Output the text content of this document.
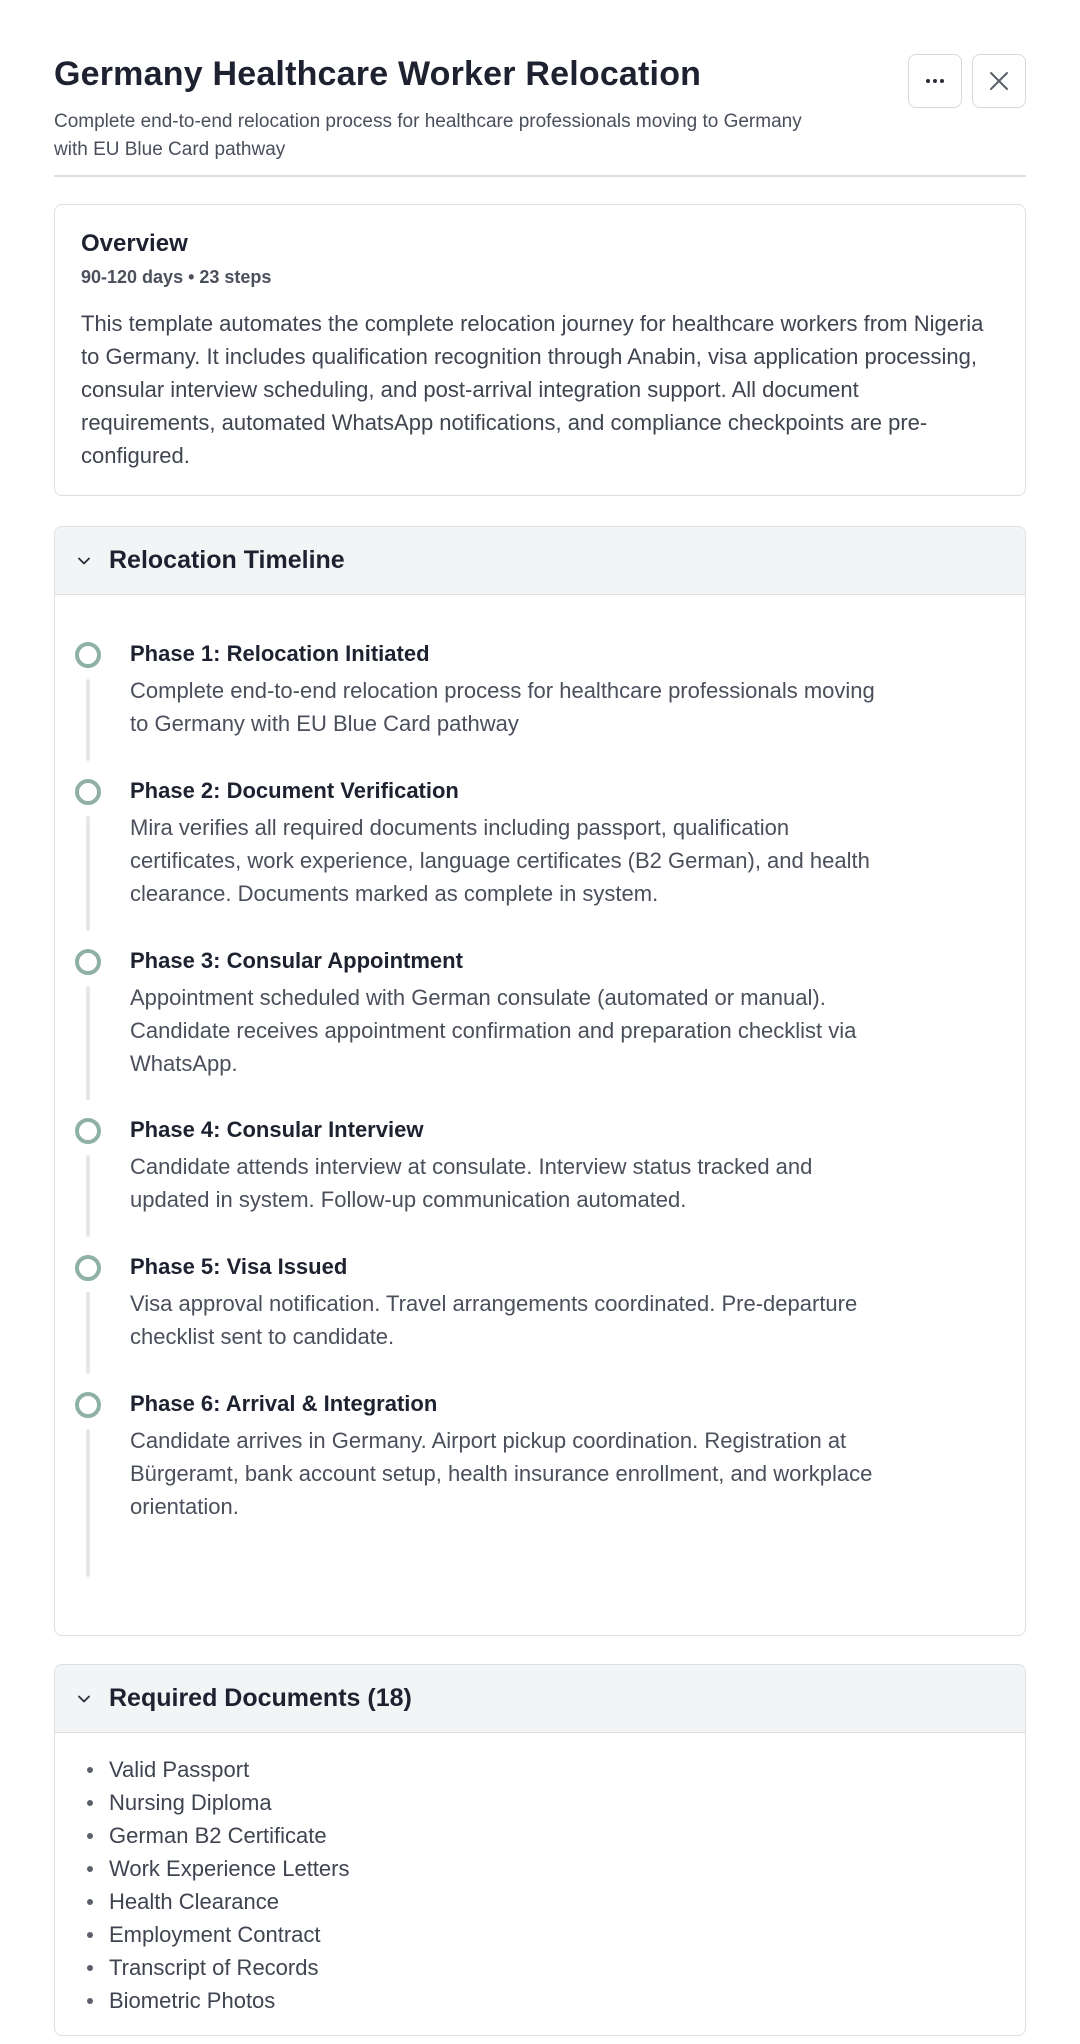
Germany Healthcare Worker Relocation

Complete end-to-end relocation process for healthcare professionals moving to Germany with EU Blue Card pathway

Overview
90-120 days • 23 steps

This template automates the complete relocation journey for healthcare workers from Nigeria to Germany. It includes qualification recognition through Anabin, visa application processing, consular interview scheduling, and post-arrival integration support. All document requirements, automated WhatsApp notifications, and compliance checkpoints are pre-configured.

Relocation Timeline
Phase 1: Relocation Initiated
Complete end-to-end relocation process for healthcare professionals moving to Germany with EU Blue Card pathway
Phase 2: Document Verification
Mira verifies all required documents including passport, qualification certificates, work experience, language certificates (B2 German), and health clearance. Documents marked as complete in system.
Phase 3: Consular Appointment
Appointment scheduled with German consulate (automated or manual). Candidate receives appointment confirmation and preparation checklist via WhatsApp.
Phase 4: Consular Interview
Candidate attends interview at consulate. Interview status tracked and updated in system. Follow-up communication automated.
Phase 5: Visa Issued
Visa approval notification. Travel arrangements coordinated. Pre-departure checklist sent to candidate.
Phase 6: Arrival & Integration
Candidate arrives in Germany. Airport pickup coordination. Registration at Bürgeramt, bank account setup, health insurance enrollment, and workplace orientation.
Required Documents (18)
Valid Passport
Nursing Diploma
German B2 Certificate
Work Experience Letters
Health Clearance
Employment Contract
Transcript of Records
Biometric Photos
